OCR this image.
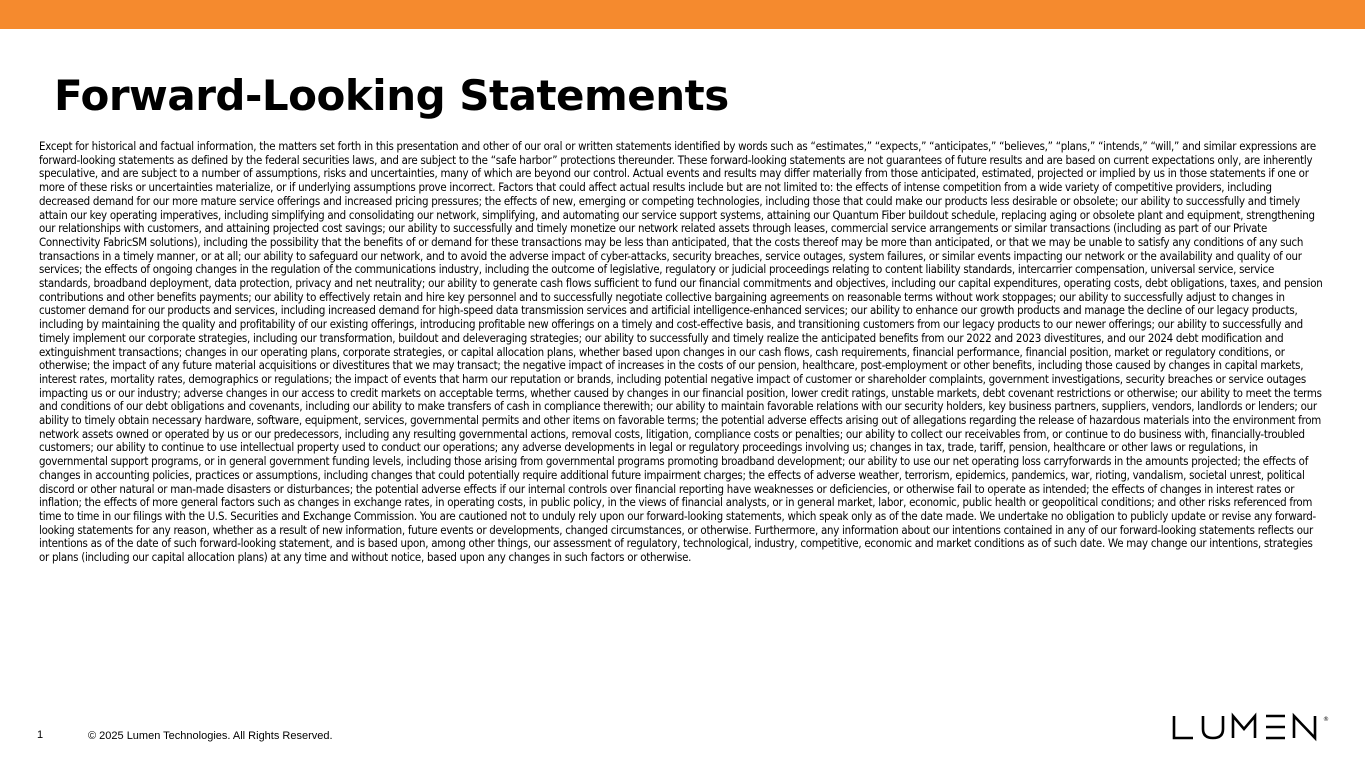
Forward-Looking Statements

Except for historical and factual information, the matters set forth in this presentation and other of our oral or written statements identified by words such as “estimates,” “expects,” “anticipates,” “believes,” “plans,” “intends,” “will,” and similar expressions are forward-looking statements as defined by the federal securities laws, and are subject to the “safe harbor” protections thereunder. These forward-looking statements are not guarantees of future results and are based on current expectations only, are inherently speculative, and are subject to a number of assumptions, risks and uncertainties, many of which are beyond our control. Actual events and results may differ materially from those anticipated, estimated, projected or implied by us in those statements if one or more of these risks or uncertainties materialize, or if underlying assumptions prove incorrect. Factors that could affect actual results include but are not limited to: the effects of intense competition from a wide variety of competitive providers, including decreased demand for our more mature service offerings and increased pricing pressures; the effects of new, emerging or competing technologies, including those that could make our products less desirable or obsolete; our ability to successfully and timely attain our key operating imperatives, including simplifying and consolidating our network, simplifying, and automating our service support systems, attaining our Quantum Fiber buildout schedule, replacing aging or obsolete plant and equipment, strengthening our relationships with customers, and attaining projected cost savings; our ability to successfully and timely monetize our network related assets through leases, commercial service arrangements or similar transactions (including as part of our Private Connectivity FabricSM solutions), including the possibility that the benefits of or demand for these transactions may be less than anticipated, that the costs thereof may be more than anticipated, or that we may be unable to satisfy any conditions of any such transactions in a timely manner, or at all; our ability to safeguard our network, and to avoid the adverse impact of cyber-attacks, security breaches, service outages, system failures, or similar events impacting our network or the availability and quality of our services; the effects of ongoing changes in the regulation of the communications industry, including the outcome of legislative, regulatory or judicial proceedings relating to content liability standards, intercarrier compensation, universal service, service standards, broadband deployment, data protection, privacy and net neutrality; our ability to generate cash flows sufficient to fund our financial commitments and objectives, including our capital expenditures, operating costs, debt obligations, taxes, and pension contributions and other benefits payments; our ability to effectively retain and hire key personnel and to successfully negotiate collective bargaining agreements on reasonable terms without work stoppages; our ability to successfully adjust to changes in customer demand for our products and services, including increased demand for high-speed data transmission services and artificial intelligence-enhanced services; our ability to enhance our growth products and manage the decline of our legacy products, including by maintaining the quality and profitability of our existing offerings, introducing profitable new offerings on a timely and cost-effective basis, and transitioning customers from our legacy products to our newer offerings; our ability to successfully and timely implement our corporate strategies, including our transformation, buildout and deleveraging strategies; our ability to successfully and timely realize the anticipated benefits from our 2022 and 2023 divestitures, and our 2024 debt modification and extinguishment transactions; changes in our operating plans, corporate strategies, or capital allocation plans, whether based upon changes in our cash flows, cash requirements, financial performance, financial position, market or regulatory conditions, or otherwise; the impact of any future material acquisitions or divestitures that we may transact; the negative impact of increases in the costs of our pension, healthcare, post-employment or other benefits, including those caused by changes in capital markets, interest rates, mortality rates, demographics or regulations; the impact of events that harm our reputation or brands, including potential negative impact of customer or shareholder complaints, government investigations, security breaches or service outages impacting us or our industry; adverse changes in our access to credit markets on acceptable terms, whether caused by changes in our financial position, lower credit ratings, unstable markets, debt covenant restrictions or otherwise; our ability to meet the terms and conditions of our debt obligations and covenants, including our ability to make transfers of cash in compliance therewith; our ability to maintain favorable relations with our security holders, key business partners, suppliers, vendors, landlords or lenders; our ability to timely obtain necessary hardware, software, equipment, services, governmental permits and other items on favorable terms; the potential adverse effects arising out of allegations regarding the release of hazardous materials into the environment from network assets owned or operated by us or our predecessors, including any resulting governmental actions, removal costs, litigation, compliance costs or penalties; our ability to collect our receivables from, or continue to do business with, financially-troubled customers; our ability to continue to use intellectual property used to conduct our operations; any adverse developments in legal or regulatory proceedings involving us; changes in tax, trade, tariff, pension, healthcare or other laws or regulations, in governmental support programs, or in general government funding levels, including those arising from governmental programs promoting broadband development; our ability to use our net operating loss carryforwards in the amounts projected; the effects of changes in accounting policies, practices or assumptions, including changes that could potentially require additional future impairment charges; the effects of adverse weather, terrorism, epidemics, pandemics, war, rioting, vandalism, societal unrest, political discord or other natural or man-made disasters or disturbances; the potential adverse effects if our internal controls over financial reporting have weaknesses or deficiencies, or otherwise fail to operate as intended; the effects of changes in interest rates or inflation; the effects of more general factors such as changes in exchange rates, in operating costs, in public policy, in the views of financial analysts, or in general market, labor, economic, public health or geopolitical conditions; and other risks referenced from time to time in our filings with the U.S. Securities and Exchange Commission. You are cautioned not to unduly rely upon our forward-looking statements, which speak only as of the date made. We undertake no obligation to publicly update or revise any forward-looking statements for any reason, whether as a result of new information, future events or developments, changed circumstances, or otherwise. Furthermore, any information about our intentions contained in any of our forward-looking statements reflects our intentions as of the date of such forward-looking statement, and is based upon, among other things, our assessment of regulatory, technological, industry, competitive, economic and market conditions as of such date. We may change our intentions, strategies or plans (including our capital allocation plans) at any time and without notice, based upon any changes in such factors or otherwise.

1	© 2025 Lumen Technologies. All Rights Reserved.
®
